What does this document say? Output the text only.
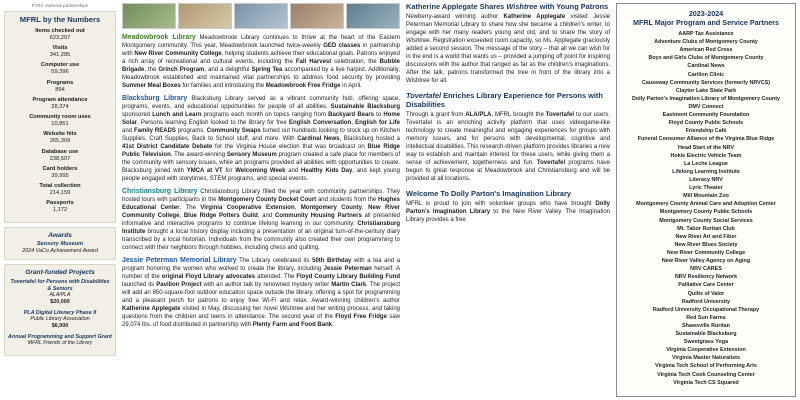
FY24, external partnerships
MFRL by the Numbers
Items checked out
623,297
Visits
341,285
Computer use
59,396
Programs
894
Program attendance
28,374
Community room uses
10,851
Website hits
265,309
Database use
238,507
Card holders
39,995
Total collection
214,159
Passports
1,172
Awards
Sensory Museum
2024 VaCo Achievement Award
Grant-funded Projects
Tovertafel for Persons with Disabilities & Seniors
ALA/PLA
$20,000
PLA Digital Literacy Phase II
Public Library Association
$6,000
Annual Programming and Support Grant
MFRL Friends of the Library

Meadowbrook Library Meadowbrook Library continues to thrive at the heart of the Eastern Montgomery community. This year, Meadowbrook launched twice-weekly GED classes in partnership with New River Community College, helping students achieve their educational goals. Patrons enjoyed a rich array of recreational and cultural events, including the Fall Harvest celebration, the Bubble Brigade, the Grinch Program, and a delightful Spring Tea accompanied by a live harpist. Additionally, Meadowbrook established and maintained vital partnerships to address food security by providing Summer Meal Boxes for families and introducing the Meadowbrook Free Fridge in April.

Blacksburg Library Blacksburg Library served as a vibrant community hub, offering space, programs, events, and educational opportunities for people of all abilities. Sustainable Blacksburg sponsored Lunch and Learn programs each month on topics ranging from Backyard Bears to Home Solar. Persons learning English looked to the library for free English Conversation, English for Life and Family READS programs. Community Swaps turned out hundreds looking to stock up on Kitchen Supplies, Craft Supplies, Back to School stuff, and more. With Cardinal News, Blacksburg hosted a 41st District Candidate Debate for the Virginia House election that was broadcast on Blue Ridge Public Television. The award-winning Sensory Museum program created a safe place for members of the community with sensory issues, while art programs provided all abilities with opportunities to create. Blacksburg joined with YMCA at VT for Welcoming Week and Healthy Kids Day, and kept young people engaged with storytimes, STEM programs, and special events.

Christiansburg Library Christiansburg Library filled the year with community partnerships. They hosted tours with participants in the Montgomery County Docket Court and students from the Hughes Educational Center. The Virginia Cooperative Extension, Montgomery County, New River Community College, Blue Ridge Potters Guild, and Community Housing Partners all presented informative and interactive programs to continue lifelong learning in our community. Christiansburg Institute brought a local history display including a presentation of an original turn-of-the-century diary transcribed by a local historian. Individuals from the community also created their own programming to connect with their neighbors through hobbies, including chess and quilting.

Jessie Peterman Memorial Library The Library celebrated its 50th Birthday with a tea and a program honoring the women who worked to create the library, including Jessie Peterman herself. A number of the original Floyd Library advocates attended. The Floyd County Library Building Fund launched its Pavilion Project with an author talk by renowned mystery writer Martin Clark. The project will add an 850-square-foot outdoor education space outside the library, offering a spot for programming and a pleasant perch for patrons to enjoy free Wi-Fi and relax. Award-winning children's author Katherine Applegate visited in May, discussing her novel Wishtree and her writing process, and taking questions from the children and teens in attendance. The second year of the Floyd Free Fridge saw 29,074 lbs. of food distributed in partnership with Plenty Farm and Food Bank.

Katherine Applegate Shares Wishtree with Young Patrons

Newberry-award winning author Katherine Applegate visited Jessie Peterman Memorial Library to share how she became a children's writer, to engage with her many readers young and old, and to share the story of Wishtree. Registration exceeded room capacity, so Ms. Applegate graciously added a second session. The message of the story – that all we can wish for in the end is a world that wants us – provided a jumping off point for inspiring discussions with the author that ranged as far as the children's imaginations. After the talk, patrons transformed the tree in front of the library into a Wishtree for all.

Tovertafel Enriches Library Experience for Persons with Disabilities

Through a grant from ALA/PLA, MFRL brought the Tovertafel to our users. Tovertafel is an enriching activity platform that uses videogame-like technology to create meaningful and engaging experiences for groups with memory issues, and for persons with developmental, cognitive and intellectual disabilities. This research-driven platform provides libraries a new way to establish and maintain interest for these users, while giving them a sense of achievement, togetherness and fun. Tovertafel programs have begun to great response at Meadowbrook and Christiansburg and will be provided at all locations.

Welcome To Dolly Parton's Imagination Library

MFRL is proud to join with volunteer groups who have brought Dolly Parton's Imagination Library to the New River Valley. The Imagination Library provides a free

2023-2024
MFRL Major Program and Service Partners
AARP Tax Assistance
Adventure Clubs of Montgomery County
American Red Cross
Boys and Girls Clubs of Montgomery County
Cardinal News
Carilion Clinic
Causeway Community Services (formerly NRVCS)
Claytor Lake State Park
Dolly Parton's Imagination Library of Montgomery County
DMV Connect
Eastmont Community Foundation
Floyd County Public Schools
Friendship Café
Funeral Consumer Alliance of the Virginia Blue Ridge
Head Start of the NRV
Hokie Electric Vehicle Team
La Leche League
Lifelong Learning Institute
Literacy NRV
Lyric Theater
Mill Mountain Zoo
Montgomery County Animal Care and Adoption Center
Montgomery County Public Schools
Montgomery County Social Services
Mt. Tabor Ruritan Club
New River Art and Fiber
New River Blues Society
New River Community College
New River Valley Agency on Aging
NRV CARES
NRV Resiliency Network
Palliative Care Center
Quilts of Valor
Radford University
Radford University Occupational Therapy
Red Sun Farms
Shawsville Ruritan
Sustainable Blacksburg
Sweetgrass Yoga
Virginia Cooperative Extension
Virginia Master Naturalists
Virginia Tech School of Performing Arts
Virginia Tech Cook Counseling Center
Virginia Tech CS Squared
